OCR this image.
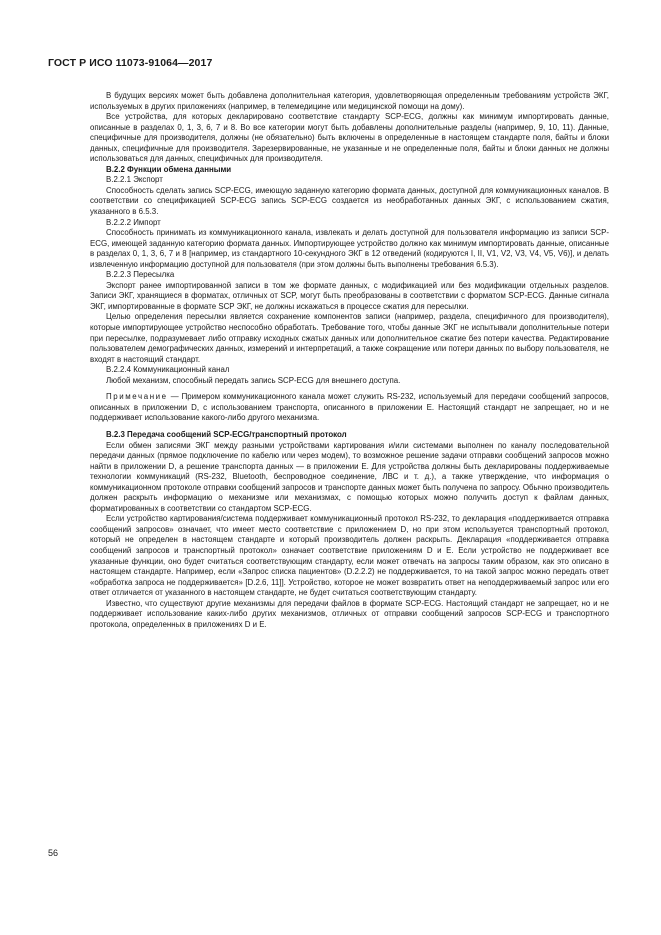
ГОСТ Р ИСО 11073-91064—2017

В будущих версиях может быть добавлена дополнительная категория, удовлетворяющая определенным требованиям устройств ЭКГ, используемых в других приложениях (например, в телемедицине или медицинской помощи на дому).

Все устройства, для которых декларировано соответствие стандарту SCP-ECG, должны как минимум импортировать данные, описанные в разделах 0, 1, 3, 6, 7 и 8. Во все категории могут быть добавлены дополнительные разделы (например, 9, 10, 11). Данные, специфичные для производителя, должны (не обязательно) быть включены в определенные в настоящем стандарте поля, байты и блоки данных, специфичные для производителя. Зарезервированные, не указанные и не определенные поля, байты и блоки данных не должны использоваться для данных, специфичных для производителя.

В.2.2 Функции обмена данными

В.2.2.1 Экспорт

Способность сделать запись SCP-ECG, имеющую заданную категорию формата данных, доступной для коммуникационных каналов. В соответствии со спецификацией SCP-ECG запись SCP-ECG создается из необработанных данных ЭКГ, с использованием сжатия, указанного в 6.5.3.

В.2.2.2 Импорт

Способность принимать из коммуникационного канала, извлекать и делать доступной для пользователя информацию из записи SCP-ECG, имеющей заданную категорию формата данных. Импортирующее устройство должно как минимум импортировать данные, описанные в разделах 0, 1, 3, 6, 7 и 8 [например, из стандартного 10-секундного ЭКГ в 12 отведений (кодируются I, II, V1, V2, V3, V4, V5, V6)], и делать извлеченную информацию доступной для пользователя (при этом должны быть выполнены требования 6.5.3).

В.2.2.3 Пересылка

Экспорт ранее импортированной записи в том же формате данных, с модификацией или без модификации отдельных разделов. Записи ЭКГ, хранящиеся в форматах, отличных от SCP, могут быть преобразованы в соответствии с форматом SCP-ECG. Данные сигнала ЭКГ, импортированные в формате SCP ЭКГ, не должны искажаться в процессе сжатия для пересылки.

Целью определения пересылки является сохранение компонентов записи (например, раздела, специфичного для производителя), которые импортирующее устройство неспособно обработать. Требование того, чтобы данные ЭКГ не испытывали дополнительные потери при пересылке, подразумевает либо отправку исходных сжатых данных или дополнительное сжатие без потери качества. Редактирование пользователем демографических данных, измерений и интерпретаций, а также сокращение или потери данных по выбору пользователя, не входят в настоящий стандарт.

В.2.2.4 Коммуникационный канал

Любой механизм, способный передать запись SCP-ECG для внешнего доступа.

Примечание — Примером коммуникационного канала может служить RS-232, используемый для передачи сообщений запросов, описанных в приложении D, с использованием транспорта, описанного в приложении E. Настоящий стандарт не запрещает, но и не поддерживает использование какого-либо другого механизма.

В.2.3 Передача сообщений SCP-ECG/транспортный протокол

Если обмен записями ЭКГ между разными устройствами картирования и/или системами выполнен по каналу последовательной передачи данных (прямое подключение по кабелю или через модем), то возможное решение задачи отправки сообщений запросов можно найти в приложении D, а решение транспорта данных — в приложении E. Для устройства должны быть декларированы поддерживаемые технологии коммуникаций (RS-232, Bluetooth, беспроводное соединение, ЛВС и т. д.), а также утверждение, что информация о коммуникационном протоколе отправки сообщений запросов и транспорте данных может быть получена по запросу. Обычно производитель должен раскрыть информацию о механизме или механизмах, с помощью которых можно получить доступ к файлам данных, форматированных в соответствии со стандартом SCP-ECG.

Если устройство картирования/система поддерживает коммуникационный протокол RS-232, то декларация «поддерживается отправка сообщений запросов» означает, что имеет место соответствие с приложением D, но при этом используется транспортный протокол, который не определен в настоящем стандарте и который производитель должен раскрыть. Декларация «поддерживается отправка сообщений запросов и транспортный протокол» означает соответствие приложениям D и E. Если устройство не поддерживает все указанные функции, оно будет считаться соответствующим стандарту, если может отвечать на запросы таким образом, как это описано в настоящем стандарте. Например, если «Запрос списка пациентов» (D.2.2.2) не поддерживается, то на такой запрос можно передать ответ «обработка запроса не поддерживается» [D.2.6, 11]]. Устройство, которое не может возвратить ответ на неподдерживаемый запрос или его ответ отличается от указанного в настоящем стандарте, не будет считаться соответствующим стандарту.

Известно, что существуют другие механизмы для передачи файлов в формате SCP-ECG. Настоящий стандарт не запрещает, но и не поддерживает использование каких-либо других механизмов, отличных от отправки сообщений запросов SCP-ECG и транспортного протокола, определенных в приложениях D и E.

56
